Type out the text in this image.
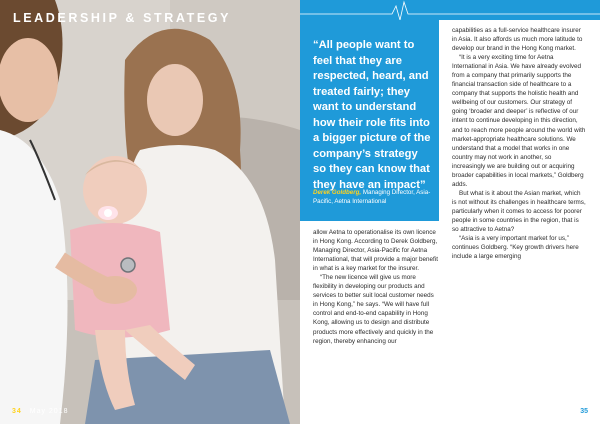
LEADERSHIP & STRATEGY
34 May 2018
“All people want to feel that they are respected, heard, and treated fairly; they want to understand how their role fits into a bigger picture of the company’s strategy so they can know that they have an impact”
Derek Goldberg, Managing Director, Asia-Pacific, Aetna International

allow Aetna to operationalise its own licence in Hong Kong. According to Derek Goldberg, Managing Director, Asia-Pacific for Aetna International, that will provide a major benefit in what is a key market for the insurer.

“The new licence will give us more flexibility in developing our products and services to better suit local customer needs in Hong Kong,” he says. “We will have full control and end-to-end capability in Hong Kong, allowing us to design and distribute products more effectively and quickly in the region, thereby enhancing our

capabilities as a full-service healthcare insurer in Asia. It also affords us much more latitude to develop our brand in the Hong Kong market.

“It is a very exciting time for Aetna International in Asia. We have already evolved from a company that primarily supports the financial transaction side of healthcare to a company that supports the holistic health and wellbeing of our customers. Our strategy of going ‘broader and deeper’ is reflective of our intent to continue developing in this direction, and to reach more people around the world with market-appropriate healthcare solutions. We understand that a model that works in one country may not work in another, so increasingly we are building out or acquiring broader capabilities in local markets,” Goldberg adds.

But what is it about the Asian market, which is not without its challenges in healthcare terms, particularly when it comes to access for poorer people in some countries in the region, that is so attractive to Aetna?

“Asia is a very important market for us,” continues Goldberg. “Key growth drivers here include a large emerging

35
